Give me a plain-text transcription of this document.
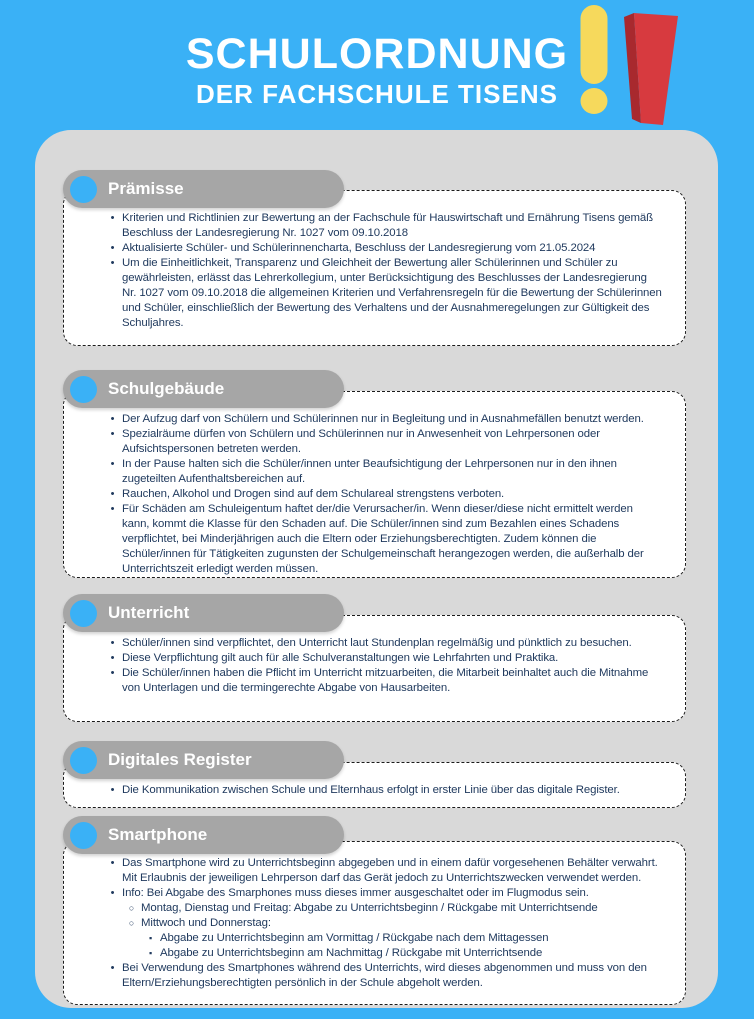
SCHULORDNUNG
DER FACHSCHULE TISENS
Prämisse
• Kriterien und Richtlinien zur Bewertung an der Fachschule für Hauswirtschaft und Ernährung Tisens gemäß Beschluss der Landesregierung Nr. 1027 vom 09.10.2018
• Aktualisierte Schüler- und Schülerinnencharta, Beschluss der Landesregierung vom 21.05.2024
• Um die Einheitlichkeit, Transparenz und Gleichheit der Bewertung aller Schülerinnen und Schüler zu gewährleisten, erlässt das Lehrerkollegium, unter Berücksichtigung des Beschlusses der Landesregierung Nr. 1027 vom 09.10.2018 die allgemeinen Kriterien und Verfahrensregeln für die Bewertung der Schülerinnen und Schüler, einschließlich der Bewertung des Verhaltens und der Ausnahmeregelungen zur Gültigkeit des Schuljahres.
Schulgebäude
• Der Aufzug darf von Schülern und Schülerinnen nur in Begleitung und in Ausnahmefällen benutzt werden.
• Spezialräume dürfen von Schülern und Schülerinnen nur in Anwesenheit von Lehrpersonen oder Aufsichtspersonen betreten werden.
• In der Pause halten sich die Schüler/innen unter Beaufsichtigung der Lehrpersonen nur in den ihnen zugeteilten Aufenthaltsbereichen auf.
• Rauchen, Alkohol und Drogen sind auf dem Schulareal strengstens verboten.
• Für Schäden am Schuleigentum haftet der/die Verursacher/in. Wenn dieser/diese nicht ermittelt werden kann, kommt die Klasse für den Schaden auf. Die Schüler/innen sind zum Bezahlen eines Schadens verpflichtet, bei Minderjährigen auch die Eltern oder Erziehungsberechtigten. Zudem können die Schüler/innen für Tätigkeiten zugunsten der Schulgemeinschaft herangezogen werden, die außerhalb der Unterrichtszeit erledigt werden müssen.
Unterricht
• Schüler/innen sind verpflichtet, den Unterricht laut Stundenplan regelmäßig und pünktlich zu besuchen.
• Diese Verpflichtung gilt auch für alle Schulveranstaltungen wie Lehrfahrten und Praktika.
• Die Schüler/innen haben die Pflicht im Unterricht mitzuarbeiten, die Mitarbeit beinhaltet auch die Mitnahme von Unterlagen und die termingerechte Abgabe von Hausarbeiten.
Digitales Register
• Die Kommunikation zwischen Schule und Elternhaus erfolgt in erster Linie über das digitale Register.
Smartphone
• Das Smartphone wird zu Unterrichtsbeginn abgegeben und in einem dafür vorgesehenen Behälter verwahrt. Mit Erlaubnis der jeweiligen Lehrperson darf das Gerät jedoch zu Unterrichtszwecken verwendet werden.
• Info: Bei Abgabe des Smarphones muss dieses immer ausgeschaltet oder im Flugmodus sein.
○ Montag, Dienstag und Freitag: Abgabe zu Unterrichtsbeginn / Rückgabe mit Unterrichtsende
○ Mittwoch und Donnerstag:
▪ Abgabe zu Unterrichtsbeginn am Vormittag / Rückgabe nach dem Mittagessen
▪ Abgabe zu Unterrichtsbeginn am Nachmittag / Rückgabe mit Unterrichtsende
• Bei Verwendung des Smartphones während des Unterrichts, wird dieses abgenommen und muss von den Eltern/Erziehungsberechtigten persönlich in der Schule abgeholt werden.
